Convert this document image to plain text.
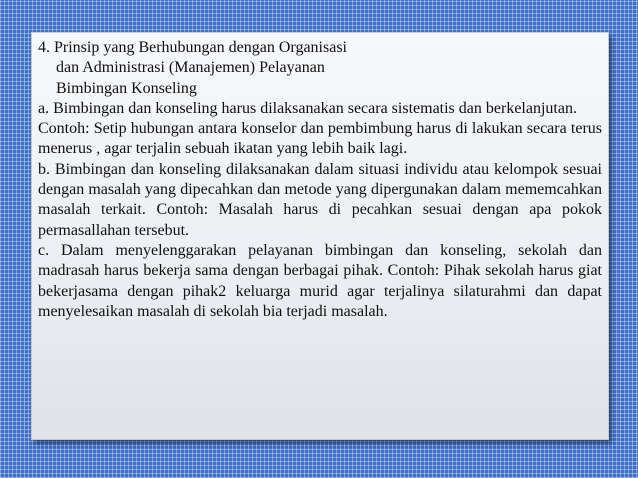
4. Prinsip yang Berhubungan dengan Organisasi

dan Administrasi (Manajemen) Pelayanan

Bimbingan Konseling

a. Bimbingan dan konseling harus dilaksanakan secara sistematis dan berkelanjutan.

Contoh: Setip hubungan antara konselor dan pembimbung harus di lakukan secara terus menerus , agar terjalin sebuah ikatan yang lebih baik lagi.

b. Bimbingan dan konseling dilaksanakan dalam situasi individu atau kelompok sesuai dengan masalah yang dipecahkan dan metode yang dipergunakan dalam mememcahkan masalah terkait. Contoh: Masalah harus di pecahkan sesuai dengan apa pokok permasallahan tersebut.

c. Dalam menyelenggarakan pelayanan bimbingan dan konseling, sekolah dan madrasah harus bekerja sama dengan berbagai pihak. Contoh: Pihak sekolah harus giat bekerjasama dengan pihak2 keluarga murid agar terjalinya silaturahmi dan dapat menyelesaikan masalah di sekolah bia terjadi masalah.
